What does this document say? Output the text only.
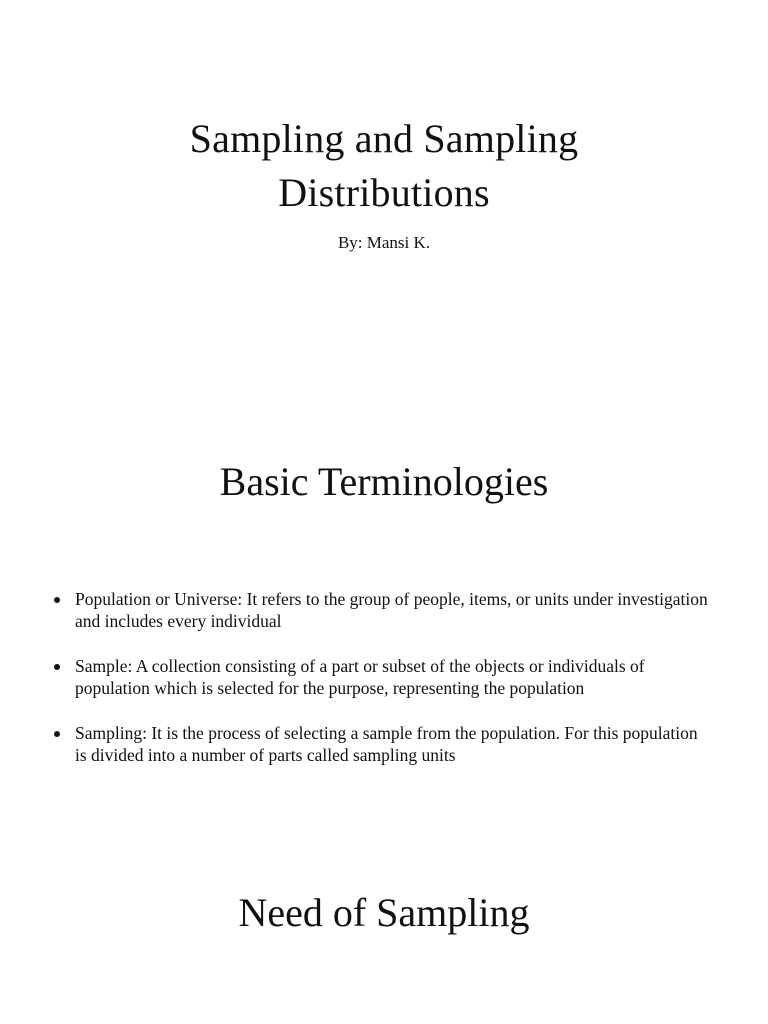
Sampling and Sampling Distributions
By: Mansi K.
Basic Terminologies
Population or Universe: It refers to the group of people, items, or units under investigation and includes every individual
Sample: A collection consisting of a part or subset of the objects or individuals of population which is selected for the purpose, representing the population
Sampling: It is the process of selecting a sample from the population. For this population is divided into a number of parts called sampling units
Need of Sampling
